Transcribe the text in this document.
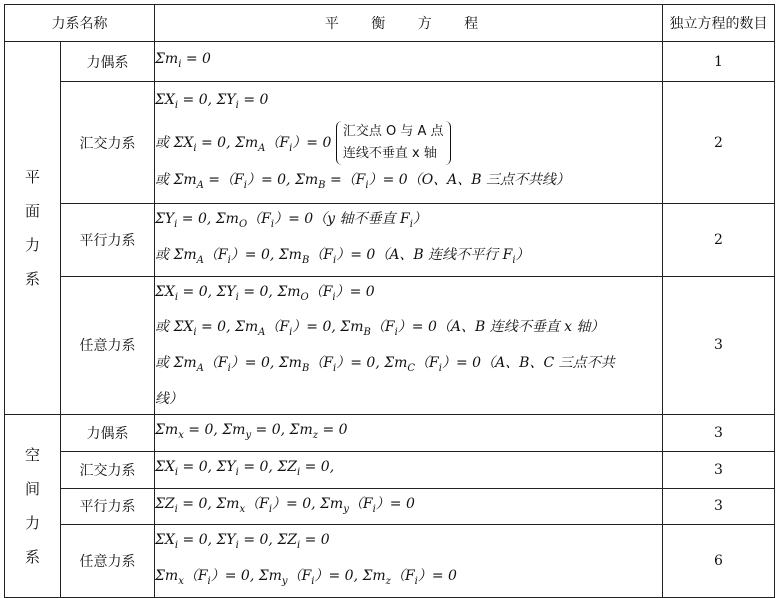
力系名称		平 衡 方 程	独立方程的数目

平面力系	力偶系	$\Sigma m_i = 0$	1
	汇交力系	$\Sigma X_i = 0$, $\Sigma Y_i = 0$
或 $\Sigma X_i = 0$, $\Sigma m_A(F_i)= 0$ 汇交点 O 与 A 点
连线不垂直 x 轴
或 $\Sigma m_A =(F_i)= 0$, $\Sigma m_B =(F_i)= 0(O$、A、B 三点不共线）	2
	平行力系	$\Sigma Y_i = 0$, $\Sigma m_O(F_i)= 0(y$ 轴不垂直 $F_i$）
或 $\Sigma m_A(F_i)= 0$, $\Sigma m_B(F_i)= 0(A$、B 连线不平行 $F_i$）	2
	任意力系	$\Sigma X_i = 0$, $\Sigma Y_i = 0$, $\Sigma m_O(F_i)= 0$
或 $\Sigma X_i = 0$, $\Sigma m_A(F_i)= 0$, $\Sigma m_B(F_i)= 0(A$、B 连线不垂直 x 轴）
或 $\Sigma m_A(F_i)= 0$, $\Sigma m_B(F_i)= 0$, $\Sigma m_C(F_i)= 0(A$、B、C 三点不共
线）	3

空间力系	力偶系	$\Sigma m_x = 0$, $\Sigma m_y = 0$, $\Sigma m_z = 0$	3
	汇交力系	$\Sigma X_i = 0$, $\Sigma Y_i = 0$, $\Sigma Z_i = 0$,	3
	平行力系	$\Sigma Z_i = 0$, $\Sigma m_x(F_i)= 0$, $\Sigma m_y(F_i)= 0$	3
	任意力系	$\Sigma X_i = 0$, $\Sigma Y_i = 0$, $\Sigma Z_i = 0$
$\Sigma m_x(F_i)= 0$, $\Sigma m_y(F_i)= 0$, $\Sigma m_z(F_i)= 0$	6
